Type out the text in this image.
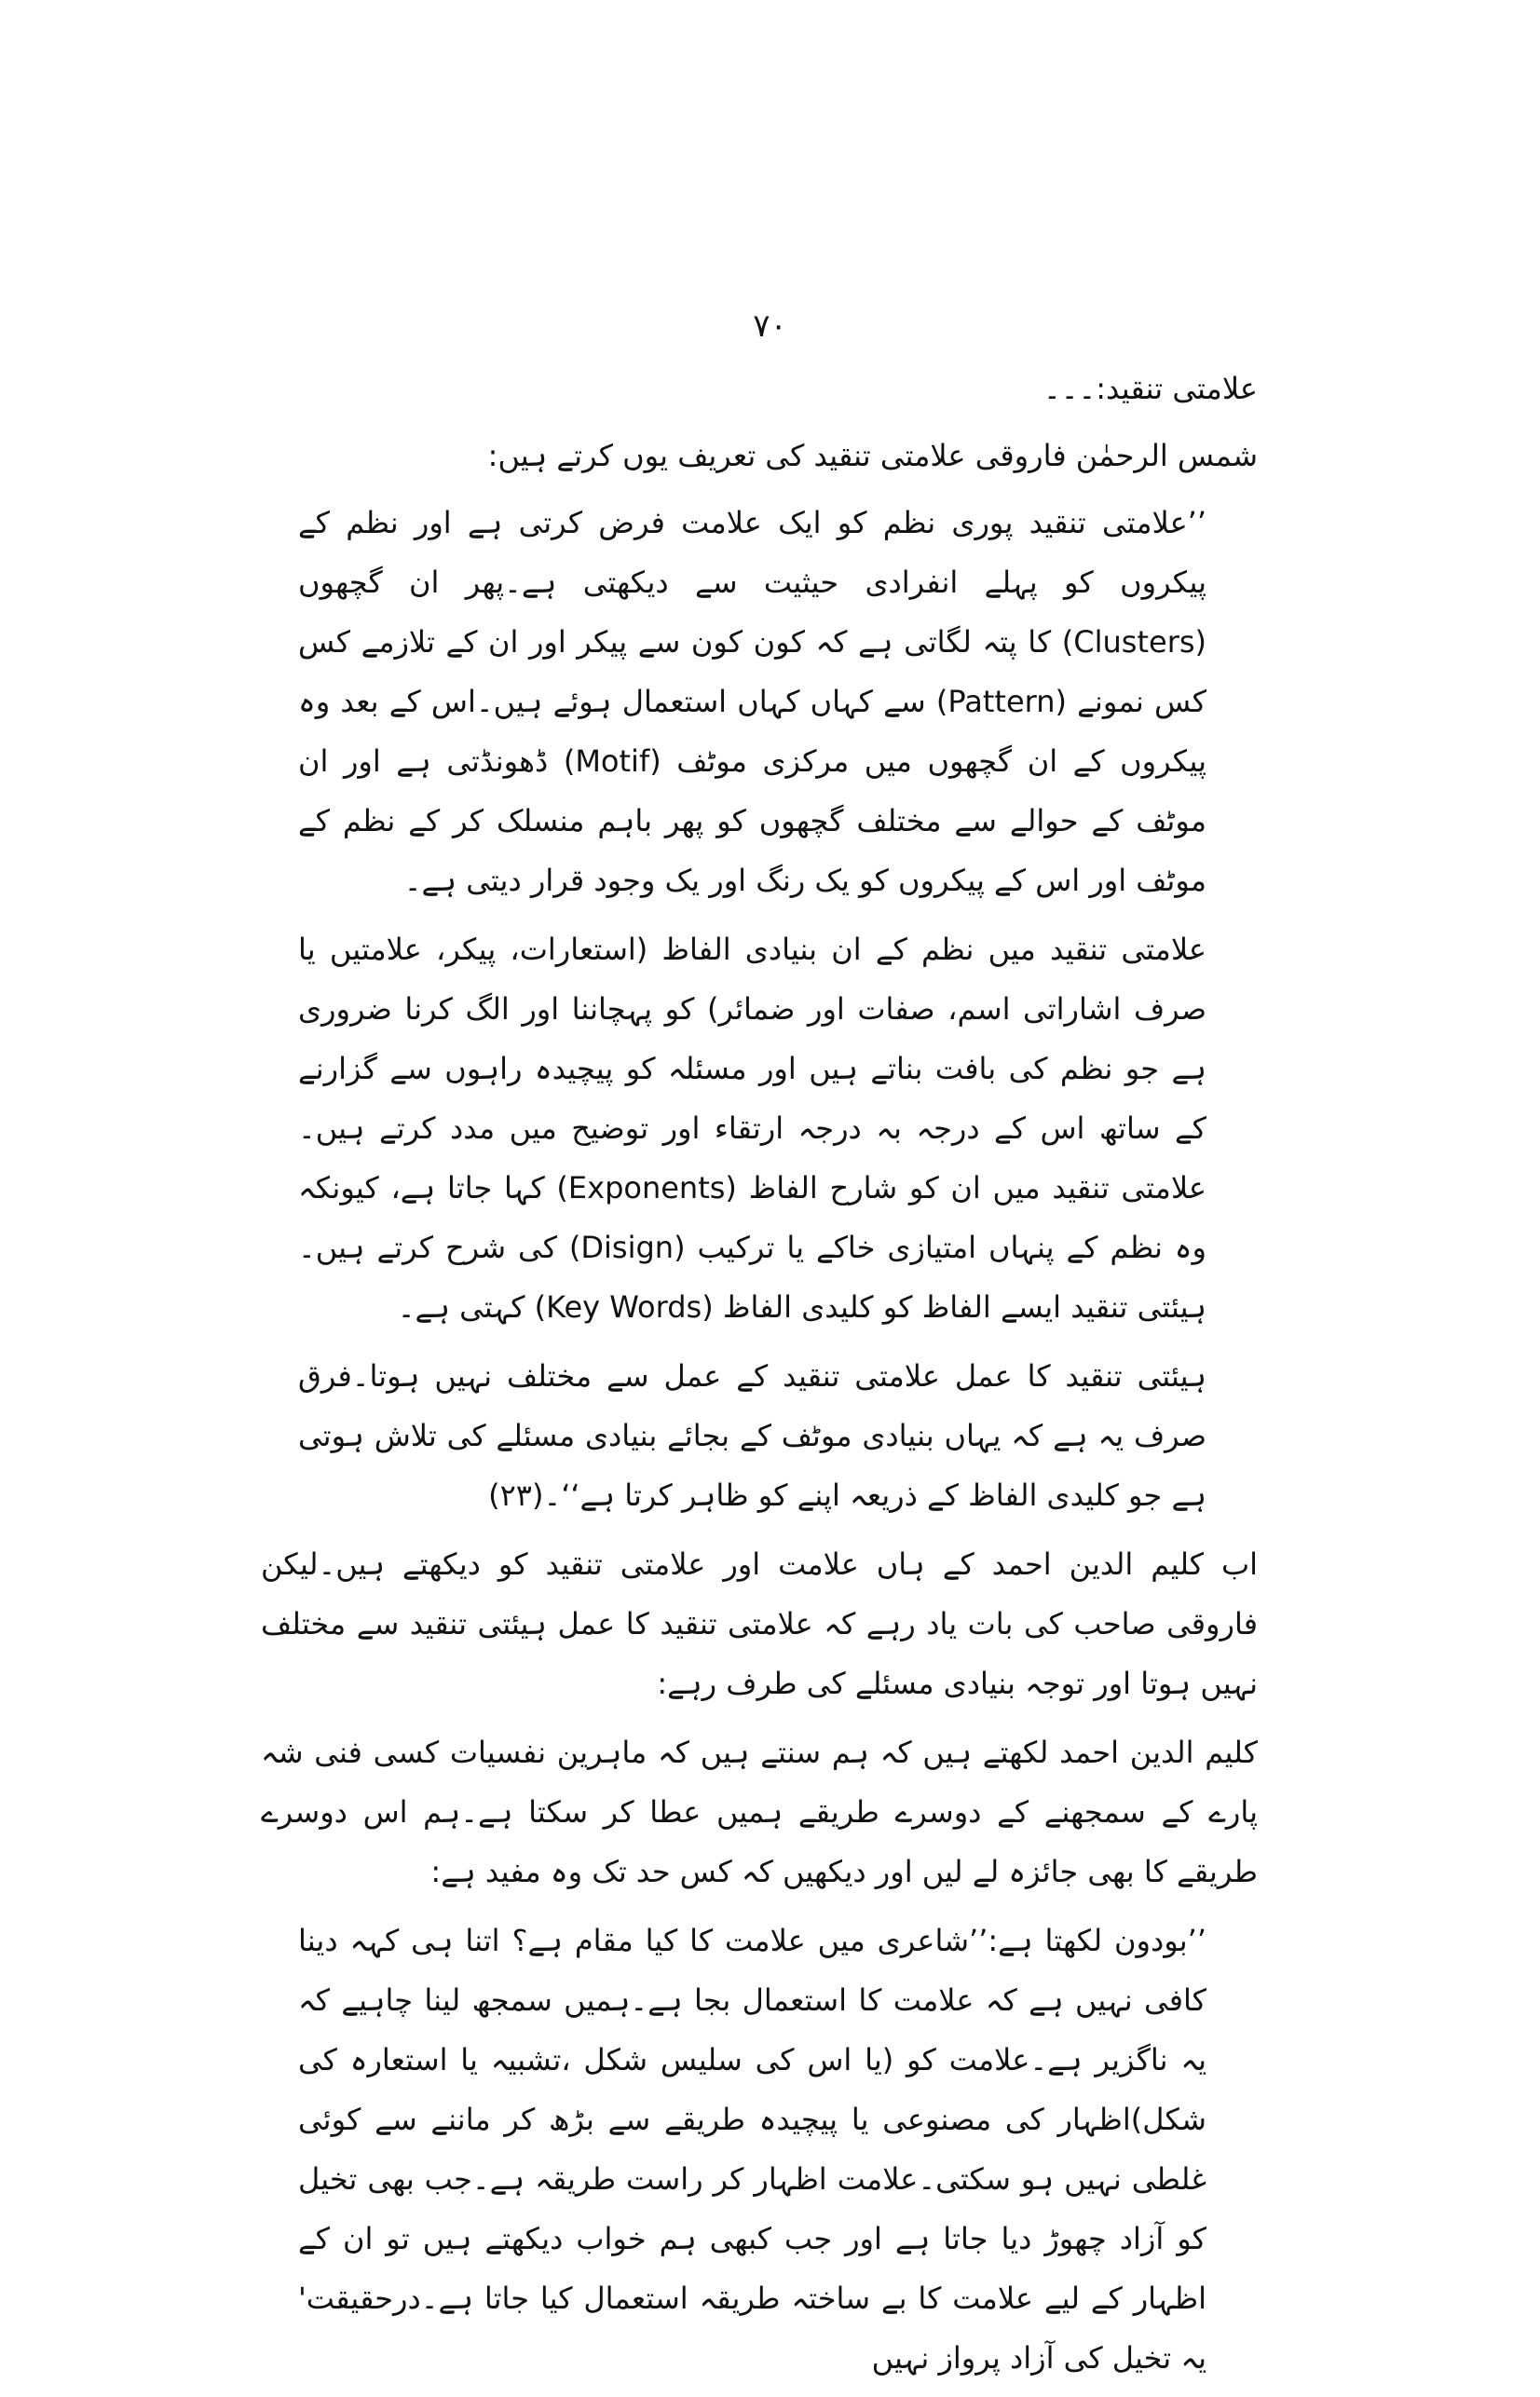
۷۰
علامتی تنقید:۔۔۔
شمس الرحمٰن فاروقی علامتی تنقید کی تعریف یوں کرتے ہیں:

’’علامتی تنقید پوری نظم کو ایک علامت فرض کرتی ہے اور نظم کے پیکروں کو پہلے انفرادی حیثیت سے دیکھتی ہے۔پھر ان گچھوں (Clusters) کا پتہ لگاتی ہے کہ کون کون سے پیکر اور ان کے تلازمے کس کس نمونے (Pattern) سے کہاں کہاں استعمال ہوئے ہیں۔اس کے بعد وہ پیکروں کے ان گچھوں میں مرکزی موٹف (Motif) ڈھونڈتی ہے اور ان موٹف کے حوالے سے مختلف گچھوں کو پھر باہم منسلک کر کے نظم کے موٹف اور اس کے پیکروں کو یک رنگ اور یک وجود قرار دیتی ہے۔

علامتی تنقید میں نظم کے ان بنیادی الفاظ (استعارات، پیکر، علامتیں یا صرف اشاراتی اسم، صفات اور ضمائر) کو پہچاننا اور الگ کرنا ضروری ہے جو نظم کی بافت بناتے ہیں اور مسئلہ کو پیچیدہ راہوں سے گزارنے کے ساتھ اس کے درجہ بہ درجہ ارتقاء اور توضیح میں مدد کرتے ہیں۔علامتی تنقید میں ان کو شارح الفاظ (Exponents) کہا جاتا ہے، کیونکہ وہ نظم کے پنہاں امتیازی خاکے یا ترکیب (Disign) کی شرح کرتے ہیں۔ہیئتی تنقید ایسے الفاظ کو کلیدی الفاظ (Key Words) کہتی ہے۔

ہیئتی تنقید کا عمل علامتی تنقید کے عمل سے مختلف نہیں ہوتا۔فرق صرف یہ ہے کہ یہاں بنیادی موٹف کے بجائے بنیادی مسئلے کی تلاش ہوتی ہے جو کلیدی الفاظ کے ذریعہ اپنے کو ظاہر کرتا ہے‘‘۔(۲۳)

اب کلیم الدین احمد کے ہاں علامت اور علامتی تنقید کو دیکھتے ہیں۔لیکن فاروقی صاحب کی بات یاد رہے کہ علامتی تنقید کا عمل ہیئتی تنقید سے مختلف نہیں ہوتا اور توجہ بنیادی مسئلے کی طرف رہے:

کلیم الدین احمد لکھتے ہیں کہ ہم سنتے ہیں کہ ماہرین نفسیات کسی فنی شہ پارے کے سمجھنے کے دوسرے طریقے ہمیں عطا کر سکتا ہے۔ہم اس دوسرے طریقے کا بھی جائزہ لے لیں اور دیکھیں کہ کس حد تک وہ مفید ہے:

’’بودون لکھتا ہے:’’شاعری میں علامت کا کیا مقام ہے؟ اتنا ہی کہہ دینا کافی نہیں ہے کہ علامت کا استعمال بجا ہے۔ہمیں سمجھ لینا چاہیے کہ یہ ناگزیر ہے۔علامت کو (یا اس کی سلیس شکل ،تشبیہ یا استعارہ کی شکل)اظہار کی مصنوعی یا پیچیدہ طریقے سے بڑھ کر ماننے سے کوئی غلطی نہیں ہو سکتی۔علامت اظہار کر راست طریقہ ہے۔جب بھی تخیل کو آزاد چھوڑ دیا جاتا ہے اور جب کبھی ہم خواب دیکھتے ہیں تو ان کے اظہار کے لیے علامت کا بے ساختہ طریقہ استعمال کیا جاتا ہے۔درحقیقت' یہ تخیل کی آزاد پرواز نہیں
